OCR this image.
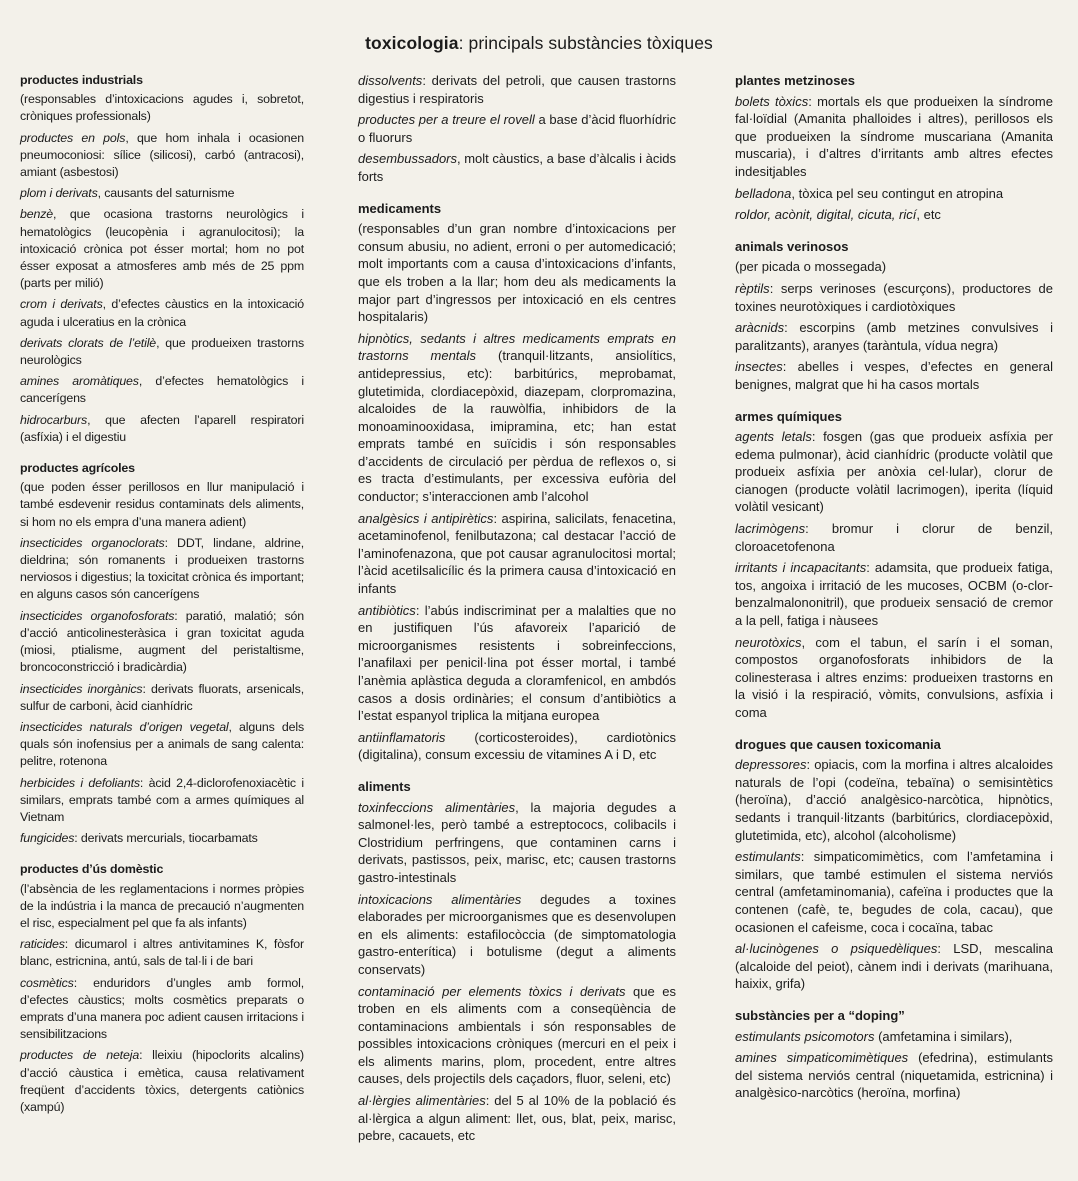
toxicologia: principals substàncies tòxiques
productes industrials
(responsables d’intoxicacions agudes i, sobretot, cròniques professionals)
productes en pols, que hom inhala i ocasionen pneumoconiosi: sílice (silicosi), carbó (antracosi), amiant (asbestosi)
plom i derivats, causants del saturnisme
benzè, que ocasiona trastorns neurològics i hematològics (leucopènia i agranulocitosi); la intoxicació crònica pot ésser mortal; hom no pot ésser exposat a atmosferes amb més de 25 ppm (parts per milió)
crom i derivats, d’efectes càustics en la intoxicació aguda i ulceratius en la crònica
derivats clorats de l’etilè, que produeixen trastorns neurològics
amines aromàtiques, d’efectes hematològics i cancerígens
hidrocarburs, que afecten l’aparell respiratori (asfíxia) i el digestiu
productes agrícoles
(que poden ésser perillosos en llur manipulació i també esdevenir residus contaminats dels aliments, si hom no els empra d’una manera adient)
insecticides organoclorats: DDT, lindane, aldrine, dieldrina; són romanents i produeixen trastorns nerviosos i digestius; la toxicitat crònica és important; en alguns casos són cancerígens
insecticides organofosforats: paratió, malatió; són d’acció anticolinesteràsica i gran toxicitat aguda (miosi, ptialisme, augment del peristaltisme, broncoconstricció i bradicàrdia)
insecticides inorgànics: derivats fluorats, arsenicals, sulfur de carboni, àcid cianhídric
insecticides naturals d’origen vegetal, alguns dels quals són inofensius per a animals de sang calenta: pelitre, rotenona
herbicides i defoliants: àcid 2,4-diclorofenoxiacètic i similars, emprats també com a armes químiques al Vietnam
fungicides: derivats mercurials, tiocarbamats
productes d’ús domèstic
(l’absència de les reglamentacions i normes pròpies de la indústria i la manca de precaució n’augmenten el risc, especialment pel que fa als infants)
raticides: dicumarol i altres antivitamines K, fòsfor blanc, estricnina, antú, sals de tal·li i de bari
cosmètics: enduridors d’ungles amb formol, d’efectes càustics; molts cosmètics preparats o emprats d’una manera poc adient causen irritacions i sensibilitzacions
productes de neteja: lleixiu (hipoclorits alcalins) d’acció càustica i emètica, causa relativament freqüent d’accidents tòxics, detergents catiònics (xampú)
dissolvents: derivats del petroli, que causen trastorns digestius i respiratoris
productes per a treure el rovell a base d’àcid fluorhídric o fluorurs
desembussadors, molt càustics, a base d’àlcalis i àcids forts
medicaments
(responsables d’un gran nombre d’intoxicacions per consum abusiu, no adient, erroni o per automedicació; molt importants com a causa d’intoxicacions d’infants, que els troben a la llar; hom deu als medicaments la major part d’ingressos per intoxicació en els centres hospitalaris)
hipnòtics, sedants i altres medicaments emprats en trastorns mentals (tranquil·litzants, ansiolítics, antidepressius, etc): barbitúrics, meprobamat, glutetimida, clordiacepòxid, diazepam, clorpromazina, alcaloides de la rauwòlfia, inhibidors de la monoaminooxidasa, imipramina, etc; han estat emprats també en suïcidis i són responsables d’accidents de circulació per pèrdua de reflexos o, si es tracta d’estimulants, per excessiva eufòria del conductor; s’interaccionen amb l’alcohol
analgèsics i antipirètics: aspirina, salicilats, fenacetina, acetaminofenol, fenilbutazona; cal destacar l’acció de l’aminofenazona, que pot causar agranulocitosi mortal; l’àcid acetilsalicílic és la primera causa d’intoxicació en infants
antibiòtics: l’abús indiscriminat per a malalties que no en justifiquen l’ús afavoreix l’aparició de microorganismes resistents i sobreinfeccions, l’anafilaxi per penicil·lina pot ésser mortal, i també l’anèmia aplàstica deguda a cloramfenicol, en ambdós casos a dosis ordinàries; el consum d’antibiòtics a l’estat espanyol triplica la mitjana europea
antiinflamatoris (corticosteroides), cardiotònics (digitalina), consum excessiu de vitamines A i D, etc
aliments
toxinfeccions alimentàries, la majoria degudes a salmonel·les, però també a estreptococs, colibacils i Clostridium perfringens, que contaminen carns i derivats, pastissos, peix, marisc, etc; causen trastorns gastro-intestinals
intoxicacions alimentàries degudes a toxines elaborades per microorganismes que es desenvolupen en els aliments: estafilocòccia (de simptomatologia gastro-enterítica) i botulisme (degut a aliments conservats)
contaminació per elements tòxics i derivats que es troben en els aliments com a conseqüència de contaminacions ambientals i són responsables de possibles intoxicacions cròniques (mercuri en el peix i els aliments marins, plom, procedent, entre altres causes, dels projectils dels caçadors, fluor, seleni, etc)
al·lèrgies alimentàries: del 5 al 10% de la població és al·lèrgica a algun aliment: llet, ous, blat, peix, marisc, pebre, cacauets, etc
plantes metzinoses
bolets tòxics: mortals els que produeixen la síndrome fal·loïdial (Amanita phalloides i altres), perillosos els que produeixen la síndrome muscariana (Amanita muscaria), i d’altres d’irritants amb altres efectes indesitjables
belladona, tòxica pel seu contingut en atropina
roldor, acònit, digital, cicuta, ricí, etc
animals verinosos
(per picada o mossegada)
rèptils: serps verinoses (escurçons), productores de toxines neurotòxiques i cardiotòxiques
aràcnids: escorpins (amb metzines convulsives i paralitzants), aranyes (taràntula, vídua negra)
insectes: abelles i vespes, d’efectes en general benignes, malgrat que hi ha casos mortals
armes químiques
agents letals: fosgen (gas que produeix asfíxia per edema pulmonar), àcid cianhídric (producte volàtil que produeix asfíxia per anòxia cel·lular), clorur de cianogen (producte volàtil lacrimogen), iperita (líquid volàtil vesicant)
lacrimògens: bromur i clorur de benzil, cloroacetofenona
irritants i incapacitants: adamsita, que produeix fatiga, tos, angoixa i irritació de les mucoses, OCBM (o-clor-benzalmalononitril), que produeix sensació de cremor a la pell, fatiga i nàusees
neurotòxics, com el tabun, el sarín i el soman, compostos organofosforats inhibidors de la colinesterasa i altres enzims: produeixen trastorns en la visió i la respiració, vòmits, convulsions, asfíxia i coma
drogues que causen toxicomania
depressores: opiacis, com la morfina i altres alcaloides naturals de l’opi (codeïna, tebaïna) o semisintètics (heroïna), d’acció analgèsico-narcòtica, hipnòtics, sedants i tranquil·litzants (barbitúrics, clordiacepòxid, glutetimida, etc), alcohol (alcoholisme)
estimulants: simpaticomimètics, com l’amfetamina i similars, que també estimulen el sistema nerviós central (amfetaminomania), cafeïna i productes que la contenen (cafè, te, begudes de cola, cacau), que ocasionen el cafeisme, coca i cocaïna, tabac
al·lucinògenes o psiquedèliques: LSD, mescalina (alcaloide del peiot), cànem indi i derivats (marihuana, haixix, grifa)
substàncies per a “doping”
estimulants psicomotors (amfetamina i similars),
amines simpaticomimètiques (efedrina), estimulants del sistema nerviós central (niquetamida, estricnina) i analgèsico-narcòtics (heroïna, morfina)
